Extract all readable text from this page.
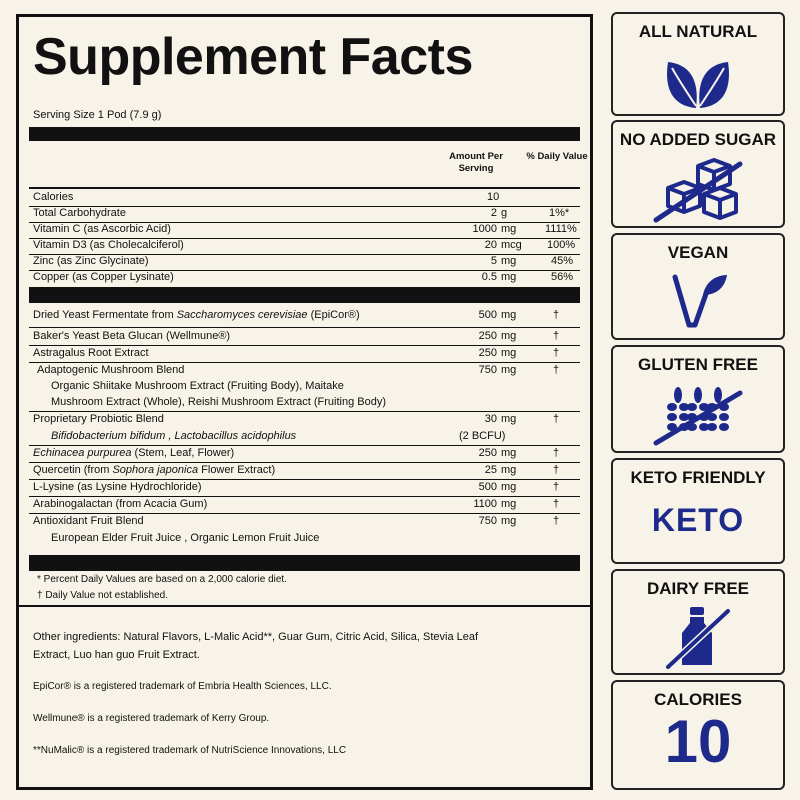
Supplement Facts
Serving Size 1 Pod (7.9 g)
Amount Per Serving
% Daily Value
Calories	10
Total Carbohydrate	2 g	1%*
Vitamin C (as Ascorbic Acid)	1000 mg	1111%
Vitamin D3 (as Cholecalciferol)	20 mcg 100%
Zinc (as Zinc Glycinate)	5 mg	45%
Copper (as Copper Lysinate)	0.5 mg	56%
Dried Yeast Fermentate from Saccharomyces cerevisiae (EpiCor®)	500 mg	†
Baker's Yeast Beta Glucan (Wellmune®)	250 mg	†
Astragalus Root Extract	250 mg	†
Adaptogenic Mushroom Blend	750 mg	†
Organic Shiitake Mushroom Extract (Fruiting Body), Maitake
Mushroom Extract (Whole), Reishi Mushroom Extract (Fruiting Body)
Proprietary Probiotic Blend	30 mg	†
Bifidobacterium bifidum , Lactobacillus acidophilus	(2 BCFU)
Echinacea purpurea (Stem, Leaf, Flower)	250 mg	†
Quercetin (from Sophora japonica Flower Extract)	25 mg	†
L-Lysine (as Lysine Hydrochloride)	500 mg	†
Arabinogalactan (from Acacia Gum)	1100 mg	†
Antioxidant Fruit Blend	750 mg	†
European Elder Fruit Juice , Organic Lemon Fruit Juice
* Percent Daily Values are based on a 2,000 calorie diet.
† Daily Value not established.
Other ingredients: Natural Flavors, L-Malic Acid**, Guar Gum, Citric Acid, Silica, Stevia Leaf
Extract, Luo han guo Fruit Extract.
EpiCor® is a registered trademark of Embria Health Sciences, LLC.
Wellmune® is a registered trademark of Kerry Group.
**NuMalic® is a registered trademark of NutriScience Innovations, LLC
ALL NATURAL
NO ADDED SUGAR
VEGAN
GLUTEN FREE
KETO FRIENDLY
KETO
DAIRY FREE
CALORIES
10
